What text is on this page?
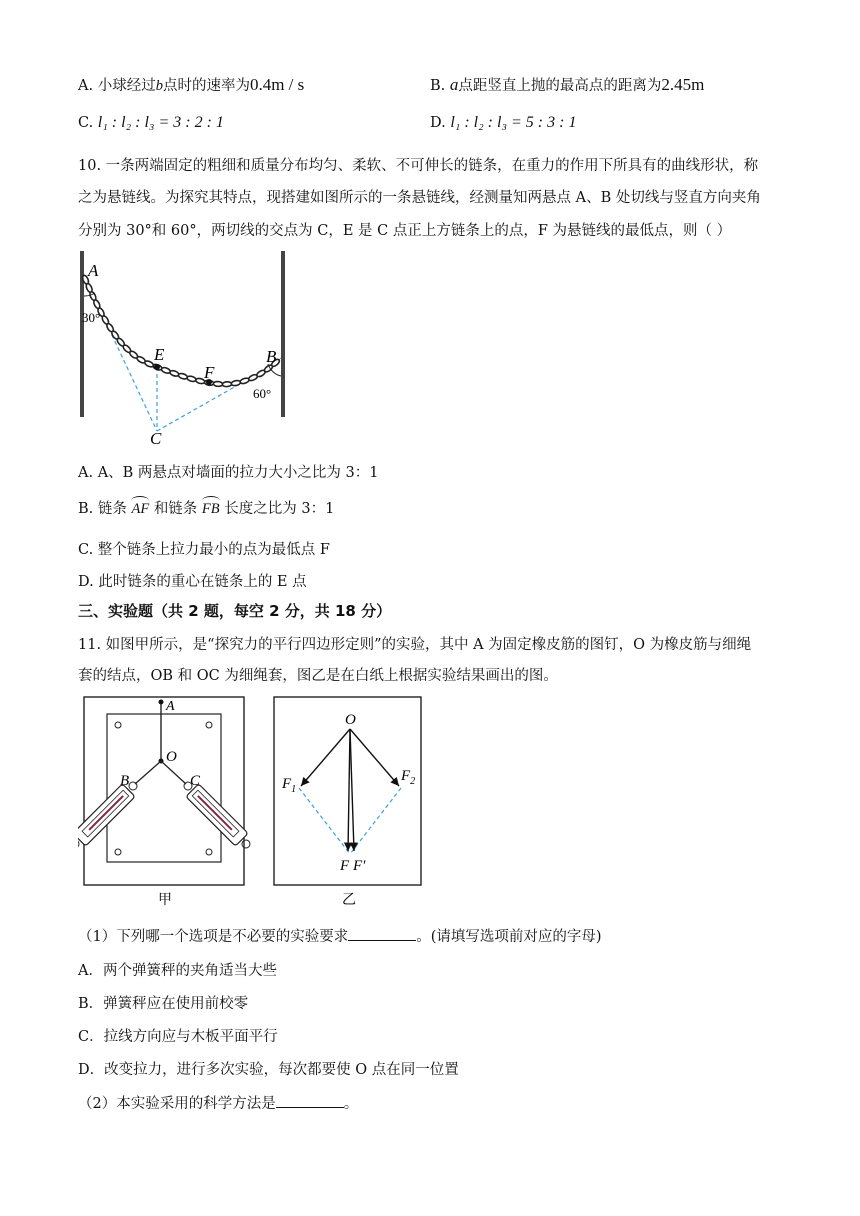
A. 小球经过b点时的速率为0.4m / s	B. a点距竖直上抛的最高点的距离为2.45m
C. l₁ : l₂ : l₃ = 3 : 2 : 1	D. l₁ : l₂ : l₃ = 5 : 3 : 1
10. 一条两端固定的粗细和质量分布均匀、柔软、不可伸长的链条，在重力的作用下所具有的曲线形状，称
之为悬链线。为探究其特点，现搭建如图所示的一条悬链线，经测量知两悬点 A、B 处切线与竖直方向夹角
分别为 30°和 60°，两切线的交点为 C，E 是 C 点正上方链条上的点，F 为悬链线的最低点，则（ ）
A
30°
E
F
B
60°
C
A. A、B 两悬点对墙面的拉力大小之比为 3：1
B. 链条 AF 和链条 FB 长度之比为 3：1
C. 整个链条上拉力最小的点为最低点 F
D. 此时链条的重心在链条上的 E 点
三、实验题（共 2 题，每空 2 分，共 18 分）
11. 如图甲所示，是“探究力的平行四边形定则”的实验，其中 A 为固定橡皮筋的图钉，O 为橡皮筋与细绳
套的结点，OB 和 OC 为细绳套，图乙是在白纸上根据实验结果画出的图。
A
O
B	C
甲
O
$F_1$
$F_2$
F F′
乙
（1）下列哪一个选项是不必要的实验要求	。(请填写选项前对应的字母)
A．两个弹簧秤的夹角适当大些
B．弹簧秤应在使用前校零
C．拉线方向应与木板平面平行
D．改变拉力，进行多次实验，每次都要使 O 点在同一位置
（2）本实验采用的科学方法是	。
